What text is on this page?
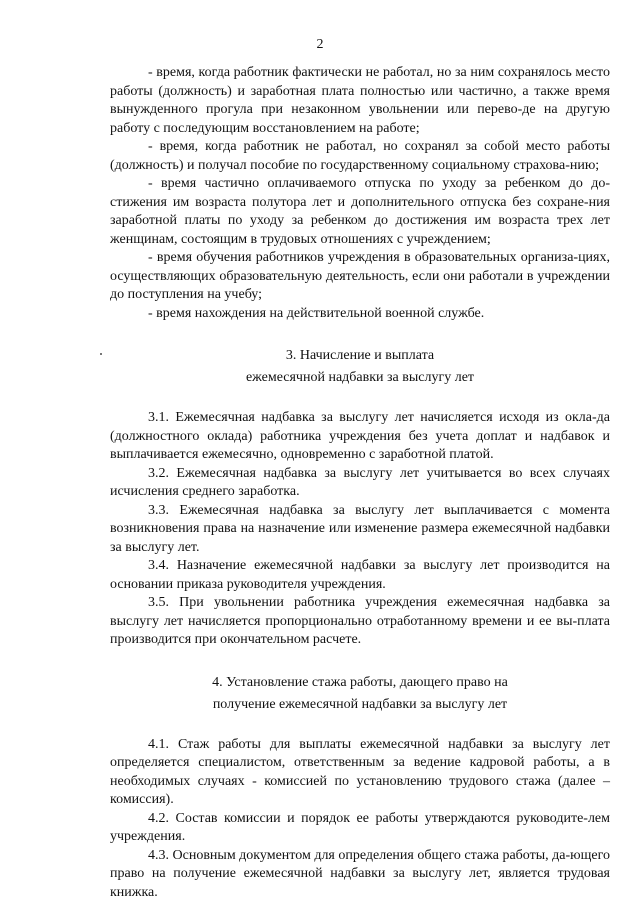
2

- время, когда работник фактически не работал, но за ним сохранялось место работы (должность) и заработная плата полностью или частично, а также время вынужденного прогула при незаконном увольнении или перево-де на другую работу с последующим восстановлением на работе;

- время, когда работник не работал, но сохранял за собой место работы (должность) и получал пособие по государственному социальному страхова-нию;

- время частично оплачиваемого отпуска по уходу за ребенком до до-стижения им возраста полутора лет и дополнительного отпуска без сохране-ния заработной платы по уходу за ребенком до достижения им возраста трех лет женщинам, состоящим в трудовых отношениях с учреждением;

- время обучения работников учреждения в образовательных организа-циях, осуществляющих образовательную деятельность, если они работали в учреждении до поступления на учебу;

- время нахождения на действительной военной службе.

3. Начисление и выплата
ежемесячной надбавки за выслугу лет

3.1. Ежемесячная надбавка за выслугу лет начисляется исходя из окла-да (должностного оклада) работника учреждения без учета доплат и надбавок и выплачивается ежемесячно, одновременно с заработной платой.

3.2. Ежемесячная надбавка за выслугу лет учитывается во всех случаях исчисления среднего заработка.

3.3. Ежемесячная надбавка за выслугу лет выплачивается с момента возникновения права на назначение или изменение размера ежемесячной надбавки за выслугу лет.

3.4. Назначение ежемесячной надбавки за выслугу лет производится на основании приказа руководителя учреждения.

3.5. При увольнении работника учреждения ежемесячная надбавка за выслугу лет начисляется пропорционально отработанному времени и ее вы-плата производится при окончательном расчете.

4. Установление стажа работы, дающего право на
получение ежемесячной надбавки за выслугу лет

4.1. Стаж работы для выплаты ежемесячной надбавки за выслугу лет определяется специалистом, ответственным за ведение кадровой работы, а в необходимых случаях - комиссией по установлению трудового стажа (далее – комиссия).

4.2. Состав комиссии и порядок ее работы утверждаются руководите-лем учреждения.

4.3. Основным документом для определения общего стажа работы, да-ющего право на получение ежемесячной надбавки за выслугу лет, является трудовая книжка.
